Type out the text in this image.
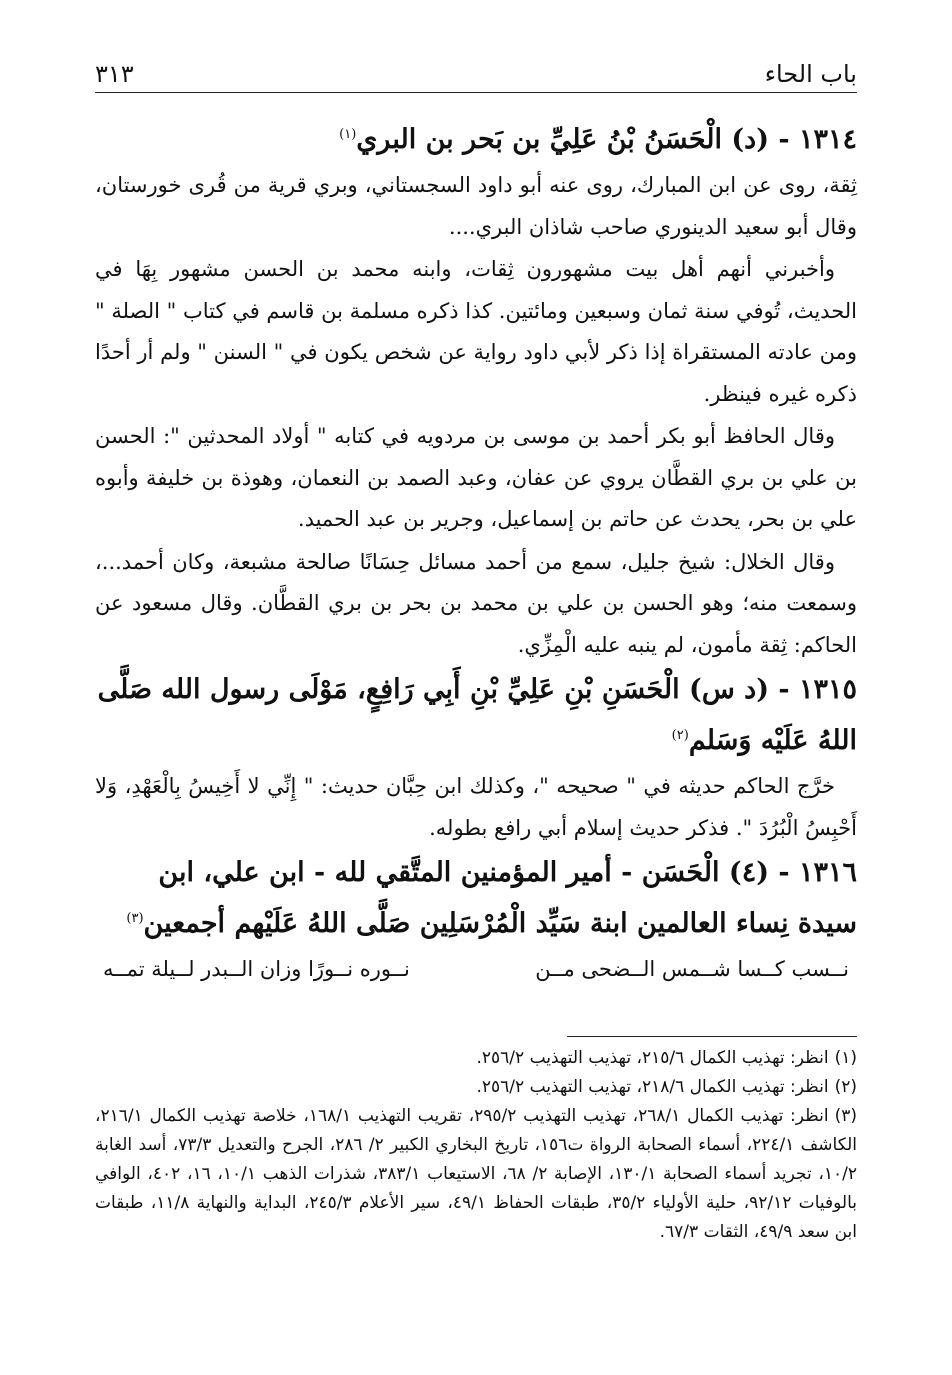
باب الحاء
٣١٣
١٣١٤ - (د) الْحَسَنُ بْنُ عَلِيِّ بن بَحر بن البري$^{(١)}$

ثِقة، روى عن ابن المبارك، روى عنه أبو داود السجستاني، وبري قرية من قُرى خورستان، وقال أبو سعيد الدينوري صاحب شاذان البري....

وأخبرني أنهم أهل بيت مشهورون ثِقات، وابنه محمد بن الحسن مشهور بِهَا في الحديث، تُوفي سنة ثمان وسبعين ومائتين. كذا ذكره مسلمة بن قاسم في كتاب " الصلة " ومن عادته المستقراة إذا ذكر لأبي داود رواية عن شخص يكون في " السنن " ولم أر أحدًا ذكره غيره فينظر.

وقال الحافظ أبو بكر أحمد بن موسى بن مردويه في كتابه " أولاد المحدثين ": الحسن بن علي بن بري القطَّان يروي عن عفان، وعبد الصمد بن النعمان، وهوذة بن خليفة وأبوه علي بن بحر، يحدث عن حاتم بن إسماعيل، وجرير بن عبد الحميد.

وقال الخلال: شيخ جليل، سمع من أحمد مسائل حِسَانًا صالحة مشبعة، وكان أحمد...، وسمعت منه؛ وهو الحسن بن علي بن محمد بن بحر بن بري القطَّان. وقال مسعود عن الحاكم: ثِقة مأمون، لم ينبه عليه الْمِزِّي.

١٣١٥ - (د س) الْحَسَنِ بْنِ عَلِيِّ بْنِ أَبِي رَافِعٍ، مَوْلَى رسول الله صَلَّى اللهُ عَلَيْه وَسَلم$^{(٢)}$

خرَّج الحاكم حديثه في " صحيحه "، وكذلك ابن حِبَّان حديث: " إِنِّي لا أَخِيسُ بِالْعَهْدِ، وَلا أَحْبِسُ الْبُرُدَ ". فذكر حديث إسلام أبي رافع بطوله.

١٣١٦ - (٤) الْحَسَن - أمير المؤمنين المتَّقي لله - ابن علي، ابن سيدة نِساء العالمين ابنة سَيِّد الْمُرْسَلِين صَلَّى اللهُ عَلَيْهم أجمعين$^{(٣)}$
نــسب كــسا شــمس الــضحى مــن
نــوره نــورًا وزان الــبدر لــيلة تمــه

(١)انظر: تهذيب الكمال ٢١٥/٦، تهذيب التهذيب ٢٥٦/٢.

(٢)انظر: تهذيب الكمال ٢١٨/٦، تهذيب التهذيب ٢٥٦/٢.

(٣)انظر: تهذيب الكمال ٢٦٨/١، تهذيب التهذيب ٢٩٥/٢، تقريب التهذيب ١٦٨/١، خلاصة تهذيب الكمال ٢١٦/١، الكاشف ٢٢٤/١، أسماء الصحابة الرواة ت١٥٦، تاريخ البخاري الكبير ٢/ ٢٨٦، الجرح والتعديل ٧٣/٣، أسد الغابة ١٠/٢، تجريد أسماء الصحابة ١٣٠/١، الإصابة ٢/ ٦٨، الاستيعاب ٣٨٣/١، شذرات الذهب ١٠/١، ١٦، ٤٠٢، الوافي بالوفيات ٩٢/١٢، حلية الأولياء ٣٥/٢، طبقات الحفاظ ٤٩/١، سير الأعلام ٢٤٥/٣، البداية والنهاية ١١/٨، طبقات ابن سعد ٤٩/٩، الثقات ٦٧/٣.
